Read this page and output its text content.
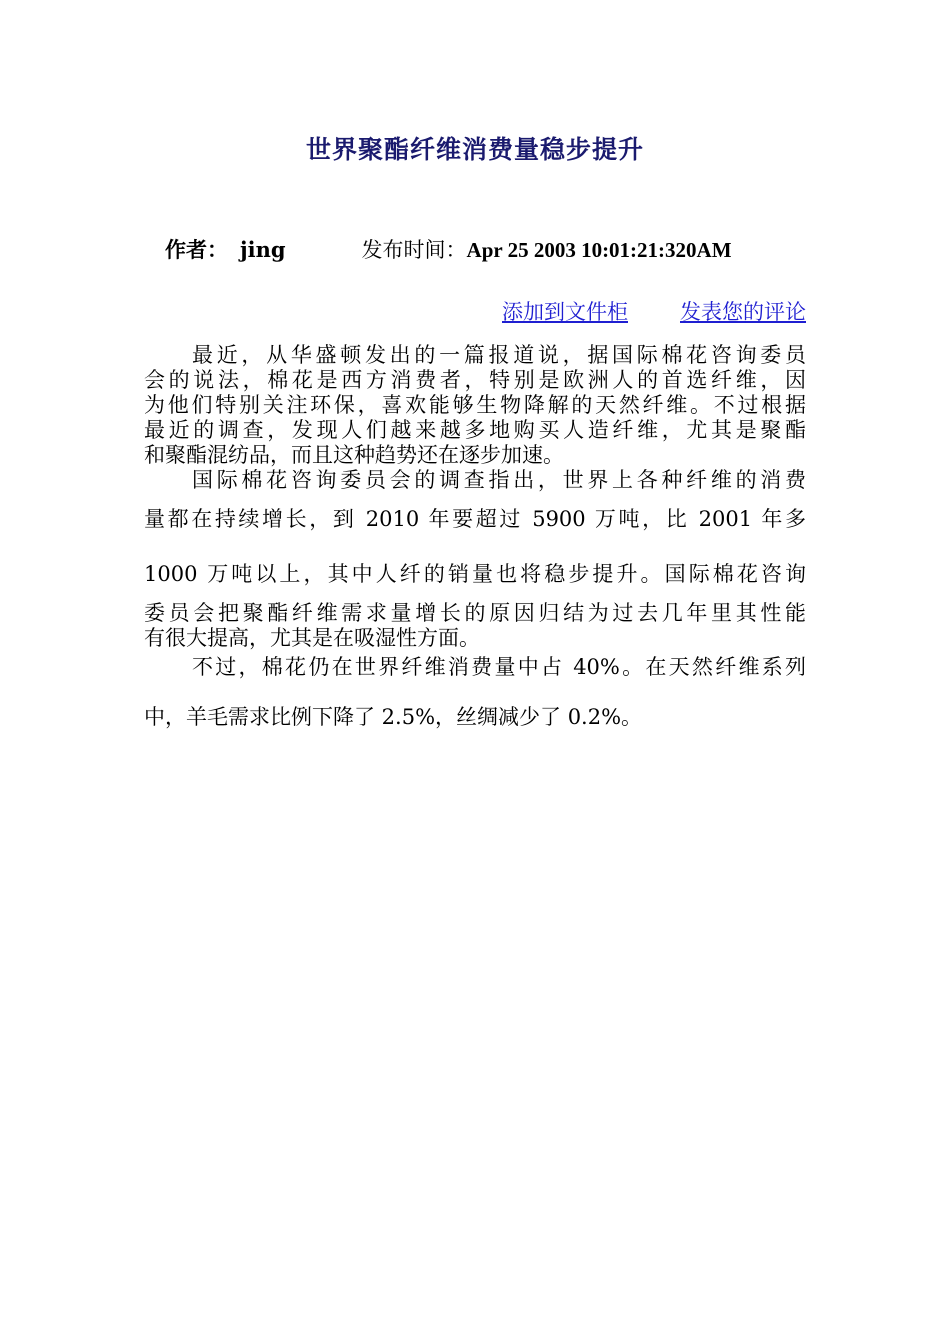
世界聚酯纤维消费量稳步提升
作者： jing	发布时间：Apr 25 2003 10:01:21:320AM
添加到文件柜 发表您的评论
最近，从华盛顿发出的一篇报道说，据国际棉花咨询委员
会的说法，棉花是西方消费者，特别是欧洲人的首选纤维，因
为他们特别关注环保，喜欢能够生物降解的天然纤维。不过根据
最近的调查，发现人们越来越多地购买人造纤维，尤其是聚酯
和聚酯混纺品，而且这种趋势还在逐步加速。
国际棉花咨询委员会的调查指出，世界上各种纤维的消费
量都在持续增长，到 2010 年要超过 5900 万吨，比 2001 年多
1000 万吨以上，其中人纤的销量也将稳步提升。国际棉花咨询
委员会把聚酯纤维需求量增长的原因归结为过去几年里其性能
有很大提高，尤其是在吸湿性方面。
不过，棉花仍在世界纤维消费量中占 40%。在天然纤维系列
中，羊毛需求比例下降了 2.5%，丝绸减少了 0.2%。
